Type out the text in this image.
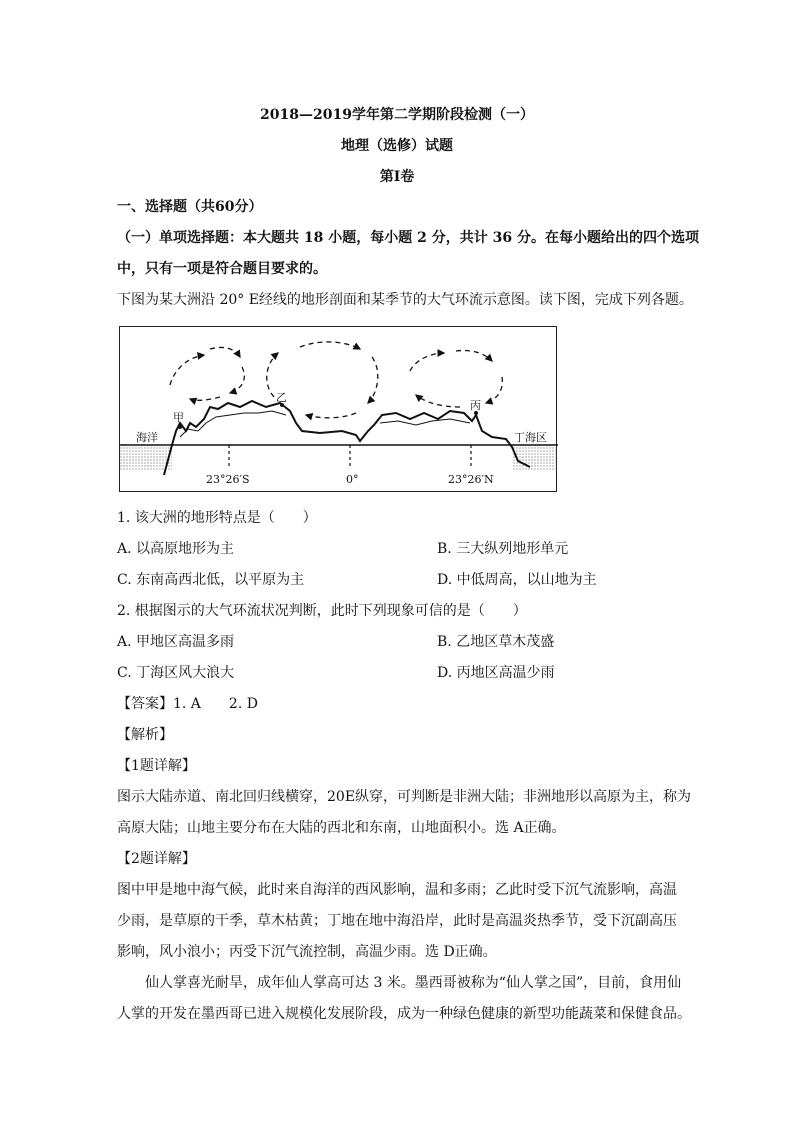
2018—2019学年第二学期阶段检测（一）
地理（选修）试题
第Ⅰ卷
一、选择题（共60分）
（一）单项选择题：本大题共 18 小题，每小题 2 分，共计 36 分。在每小题给出的四个选项
中，只有一项是符合题目要求的。
下图为某大洲沿 20° E经线的地形剖面和某季节的大气环流示意图。读下图，完成下列各题。
海洋
甲
乙
丙
丁海区
23°26′S	0°	23°26′N
1. 该大洲的地形特点是（　　）
A. 以高原地形为主	B. 三大纵列地形单元
C. 东南高西北低，以平原为主	D. 中低周高，以山地为主
2. 根据图示的大气环流状况判断，此时下列现象可信的是（　　）
A. 甲地区高温多雨	B. 乙地区草木茂盛
C. 丁海区风大浪大	D. 丙地区高温少雨
【答案】1. A　　2. D
【解析】
【1题详解】
图示大陆赤道、南北回归线横穿，20E纵穿，可判断是非洲大陆；非洲地形以高原为主，称为
高原大陆；山地主要分布在大陆的西北和东南，山地面积小。选 A正确。
【2题详解】
图中甲是地中海气候，此时来自海洋的西风影响，温和多雨；乙此时受下沉气流影响，高温
少雨，是草原的干季，草木枯黄；丁地在地中海沿岸，此时是高温炎热季节，受下沉副高压
影响，风小浪小；丙受下沉气流控制，高温少雨。选 D正确。
　　仙人掌喜光耐旱，成年仙人掌高可达 3 米。墨西哥被称为“仙人掌之国”，目前，食用仙
人掌的开发在墨西哥已进入规模化发展阶段，成为一种绿色健康的新型功能蔬菜和保健食品。
